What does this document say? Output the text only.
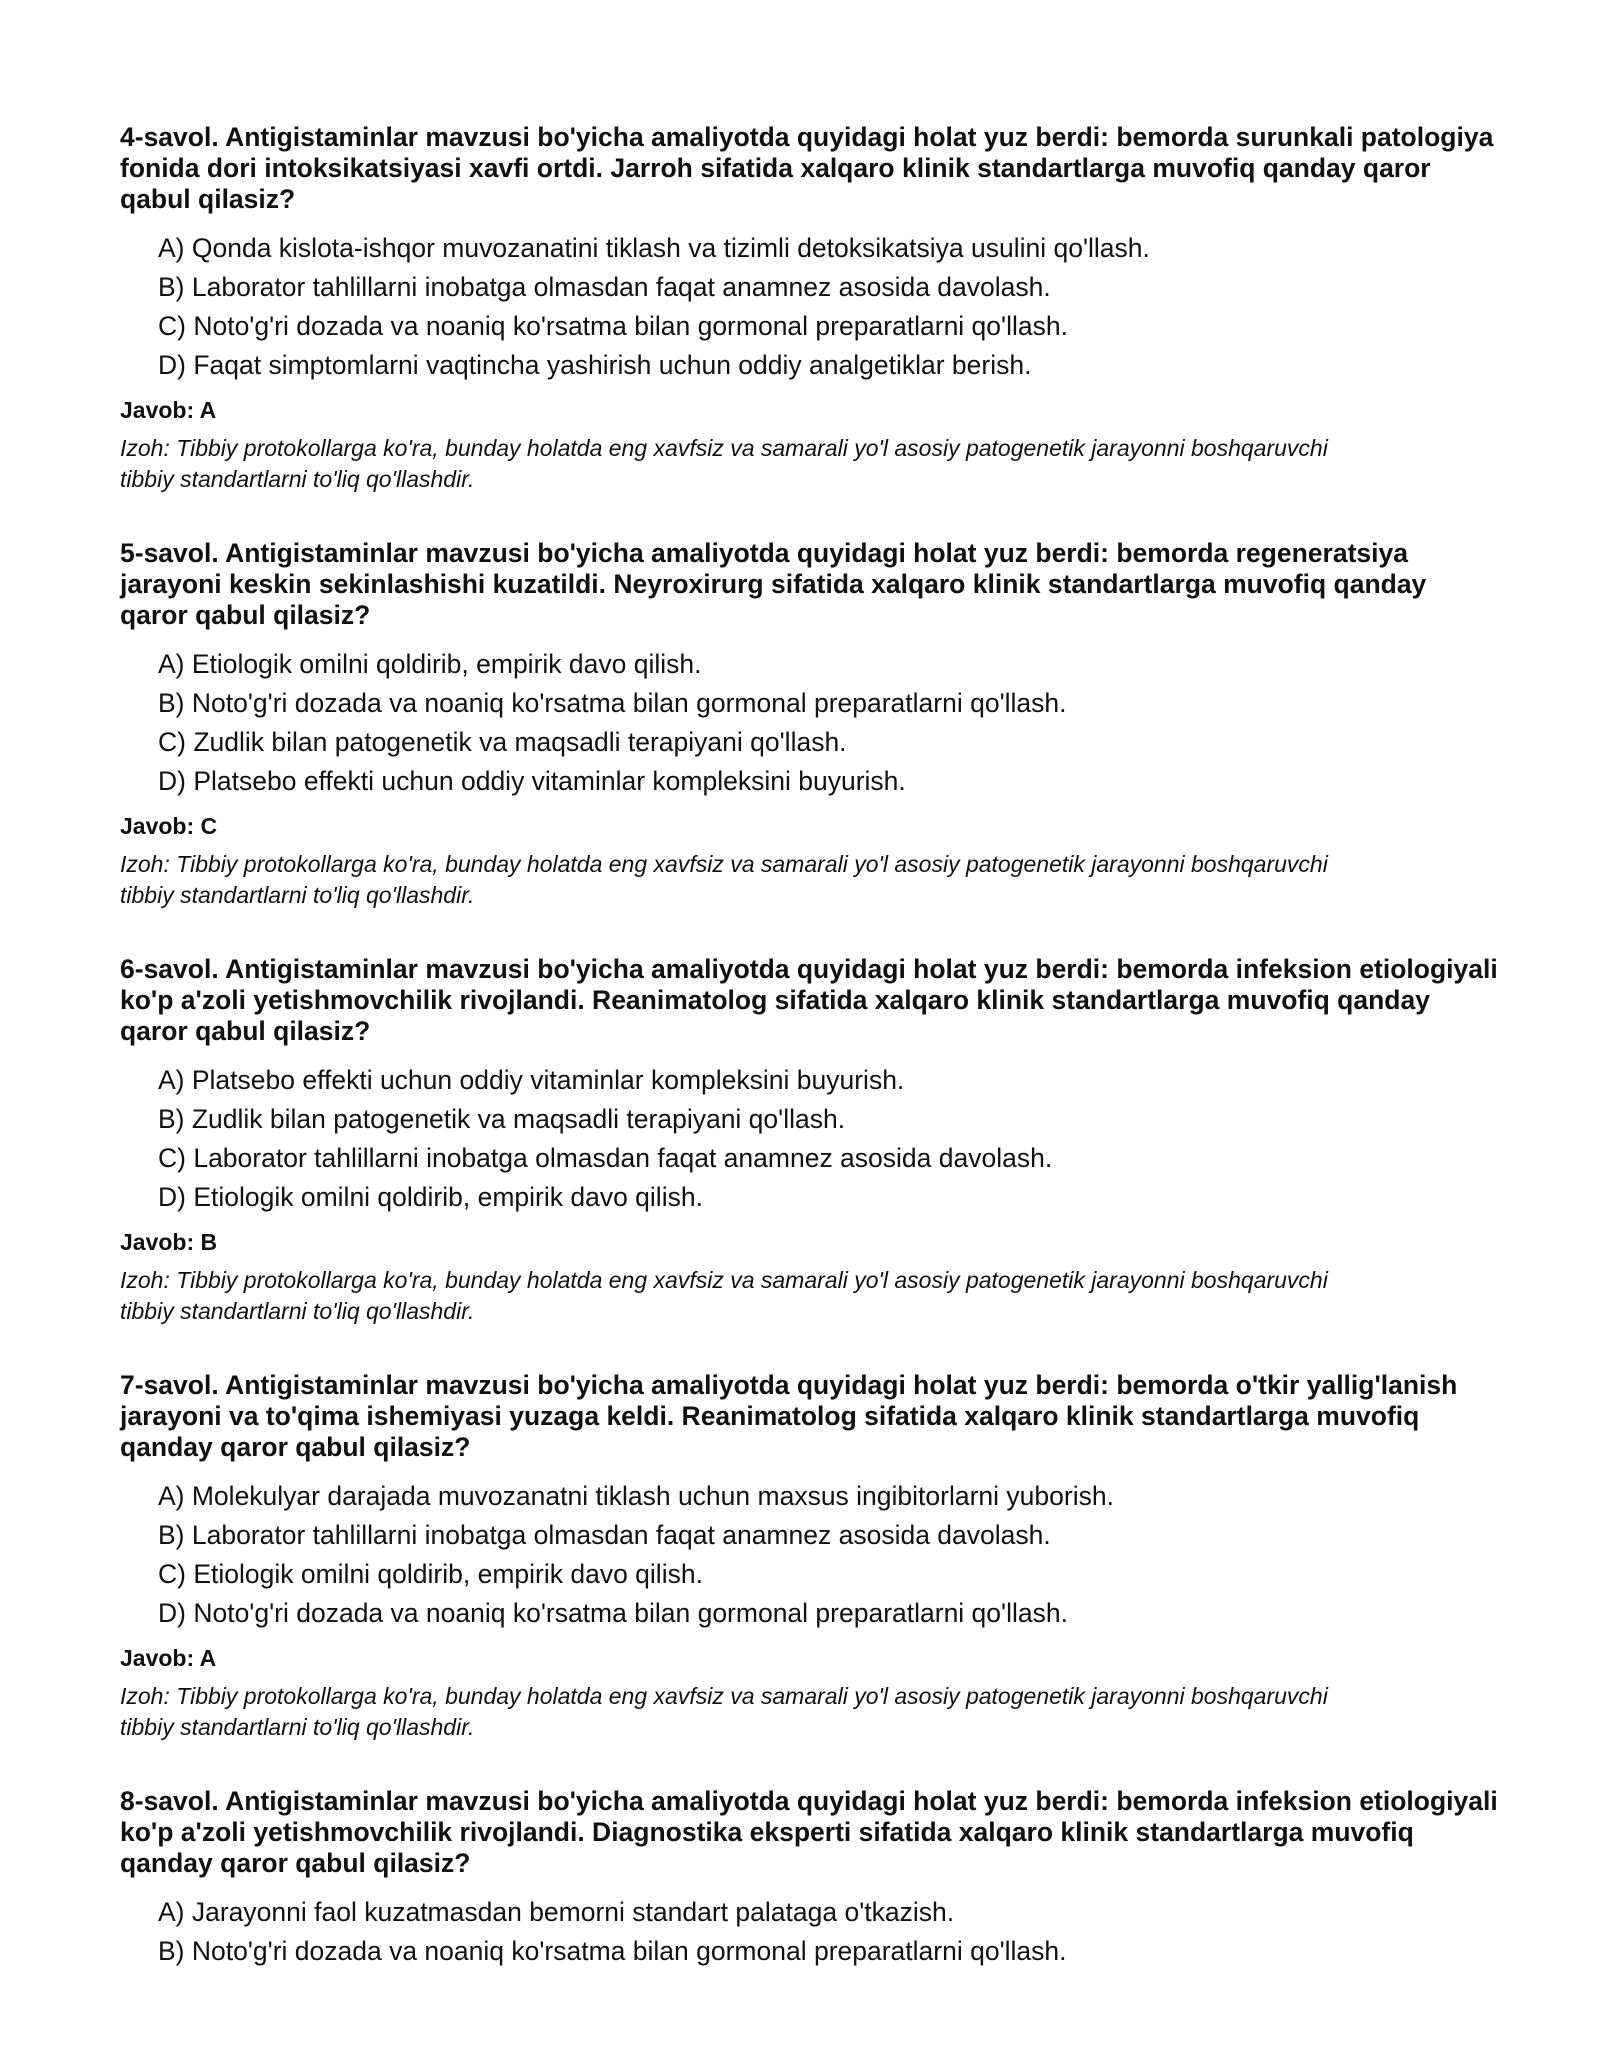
4-savol. Antigistaminlar mavzusi bo'yicha amaliyotda quyidagi holat yuz berdi: bemorda surunkali patologiya fonida dori intoksikatsiyasi xavfi ortdi. Jarroh sifatida xalqaro klinik standartlarga muvofiq qanday qaror qabul qilasiz?
A) Qonda kislota-ishqor muvozanatini tiklash va tizimli detoksikatsiya usulini qo'llash.
B) Laborator tahlillarni inobatga olmasdan faqat anamnez asosida davolash.
C) Noto'g'ri dozada va noaniq ko'rsatma bilan gormonal preparatlarni qo'llash.
D) Faqat simptomlarni vaqtincha yashirish uchun oddiy analgetiklar berish.
Javob: A
Izoh: Tibbiy protokollarga ko'ra, bunday holatda eng xavfsiz va samarali yo'l asosiy patogenetik jarayonni boshqaruvchi tibbiy standartlarni to'liq qo'llashdir.
5-savol. Antigistaminlar mavzusi bo'yicha amaliyotda quyidagi holat yuz berdi: bemorda regeneratsiya jarayoni keskin sekinlashishi kuzatildi. Neyroxirurg sifatida xalqaro klinik standartlarga muvofiq qanday qaror qabul qilasiz?
A) Etiologik omilni qoldirib, empirik davo qilish.
B) Noto'g'ri dozada va noaniq ko'rsatma bilan gormonal preparatlarni qo'llash.
C) Zudlik bilan patogenetik va maqsadli terapiyani qo'llash.
D) Platsebo effekti uchun oddiy vitaminlar kompleksini buyurish.
Javob: C
Izoh: Tibbiy protokollarga ko'ra, bunday holatda eng xavfsiz va samarali yo'l asosiy patogenetik jarayonni boshqaruvchi tibbiy standartlarni to'liq qo'llashdir.
6-savol. Antigistaminlar mavzusi bo'yicha amaliyotda quyidagi holat yuz berdi: bemorda infeksion etiologiyali ko'p a'zoli yetishmovchilik rivojlandi. Reanimatolog sifatida xalqaro klinik standartlarga muvofiq qanday qaror qabul qilasiz?
A) Platsebo effekti uchun oddiy vitaminlar kompleksini buyurish.
B) Zudlik bilan patogenetik va maqsadli terapiyani qo'llash.
C) Laborator tahlillarni inobatga olmasdan faqat anamnez asosida davolash.
D) Etiologik omilni qoldirib, empirik davo qilish.
Javob: B
Izoh: Tibbiy protokollarga ko'ra, bunday holatda eng xavfsiz va samarali yo'l asosiy patogenetik jarayonni boshqaruvchi tibbiy standartlarni to'liq qo'llashdir.
7-savol. Antigistaminlar mavzusi bo'yicha amaliyotda quyidagi holat yuz berdi: bemorda o'tkir yallig'lanish jarayoni va to'qima ishemiyasi yuzaga keldi. Reanimatolog sifatida xalqaro klinik standartlarga muvofiq qanday qaror qabul qilasiz?
A) Molekulyar darajada muvozanatni tiklash uchun maxsus ingibitorlarni yuborish.
B) Laborator tahlillarni inobatga olmasdan faqat anamnez asosida davolash.
C) Etiologik omilni qoldirib, empirik davo qilish.
D) Noto'g'ri dozada va noaniq ko'rsatma bilan gormonal preparatlarni qo'llash.
Javob: A
Izoh: Tibbiy protokollarga ko'ra, bunday holatda eng xavfsiz va samarali yo'l asosiy patogenetik jarayonni boshqaruvchi tibbiy standartlarni to'liq qo'llashdir.
8-savol. Antigistaminlar mavzusi bo'yicha amaliyotda quyidagi holat yuz berdi: bemorda infeksion etiologiyali ko'p a'zoli yetishmovchilik rivojlandi. Diagnostika eksperti sifatida xalqaro klinik standartlarga muvofiq qanday qaror qabul qilasiz?
A) Jarayonni faol kuzatmasdan bemorni standart palataga o'tkazish.
B) Noto'g'ri dozada va noaniq ko'rsatma bilan gormonal preparatlarni qo'llash.
